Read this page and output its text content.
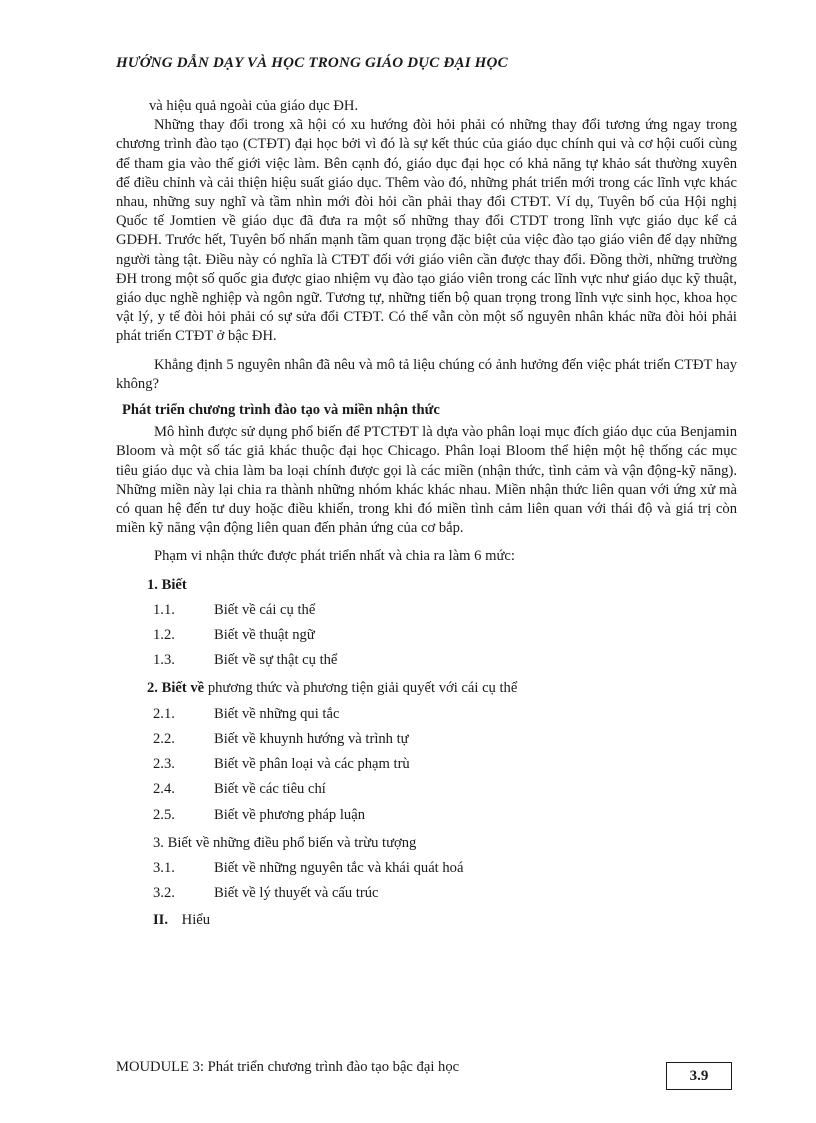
HƯỚNG DẪN DẠY VÀ HỌC TRONG GIÁO DỤC ĐẠI HỌC

và hiệu quả ngoài của giáo dục ĐH.

Những thay đổi trong xã hội có xu hướng đòi hỏi phải có những thay đổi tương ứng ngay trong chương trình đào tạo (CTĐT) đại học bởi vì đó là sự kết thúc của giáo dục chính qui và cơ hội cuối cùng để tham gia vào thế giới việc làm. Bên cạnh đó, giáo dục đại học có khả năng tự khảo sát thường xuyên để điều chỉnh và cải thiện hiệu suất giáo dục. Thêm vào đó, những phát triển mới trong các lĩnh vực khác nhau, những suy nghĩ và tầm nhìn mới đòi hỏi cần phải thay đổi CTĐT. Ví dụ, Tuyên bố của Hội nghị Quốc tế Jomtien về giáo dục đã đưa ra một số những thay đổi CTDT trong lĩnh vực giáo dục kể cả GDĐH. Trước hết, Tuyên bố nhấn mạnh tầm quan trọng đặc biệt của việc đào tạo giáo viên để dạy những người tàng tật. Điều này có nghĩa là CTĐT đối với giáo viên cần được thay đổi. Đồng thời, những trường ĐH trong một số quốc gia được giao nhiệm vụ đào tạo giáo viên trong các lĩnh vực như giáo dục kỹ thuật, giáo dục nghề nghiệp và ngôn ngữ. Tương tự, những tiến bộ quan trọng trong lĩnh vực sinh học, khoa học vật lý, y tế đòi hỏi phải có sự sửa đổi CTĐT. Có thể vẫn còn một số nguyên nhân khác nữa đòi hỏi phải phát triển CTĐT ở bậc ĐH.

Khẳng định 5 nguyên nhân đã nêu và mô tả liệu chúng có ảnh hưởng đến việc phát triển CTĐT hay không?

Phát triển chương trình đào tạo và miền nhận thức

Mô hình được sử dụng phổ biến để PTCTĐT là dựa vào phân loại mục đích giáo dục của Benjamin Bloom và một số tác giả khác thuộc đại học Chicago. Phân loại Bloom thể hiện một hệ thống các mục tiêu giáo dục và chia làm ba loại chính được gọi là các miền (nhận thức, tình cảm và vận động-kỹ năng). Những miền này lại chia ra thành những nhóm khác khác nhau. Miền nhận thức liên quan với ứng xử mà có quan hệ đến tư duy hoặc điều khiển, trong khi đó miền tình cảm liên quan với thái độ và giá trị còn miền kỹ năng vận động liên quan đến phản ứng của cơ bắp.

Phạm vi nhận thức được phát triển nhất và chia ra làm 6 mức:

1. Biết
1.1.	Biết về cái cụ thể
1.2.	Biết về thuật ngữ
1.3.	Biết về sự thật cụ thể
2. Biết về phương thức và phương tiện giải quyết với cái cụ thể
2.1.	Biết về những qui tắc
2.2.	Biết về khuynh hướng và trình tự
2.3.	Biết về phân loại và các phạm trù
2.4.	Biết về các tiêu chí
2.5.	Biết về phương pháp luận
3. Biết về những điều phổ biến và trừu tượng
3.1.	Biết về những nguyên tắc và khái quát hoá
3.2.	Biết về lý thuyết và cấu trúc
II. Hiểu
MOUDULE 3: Phát triển chương trình đào tạo bậc đại học
3.9
